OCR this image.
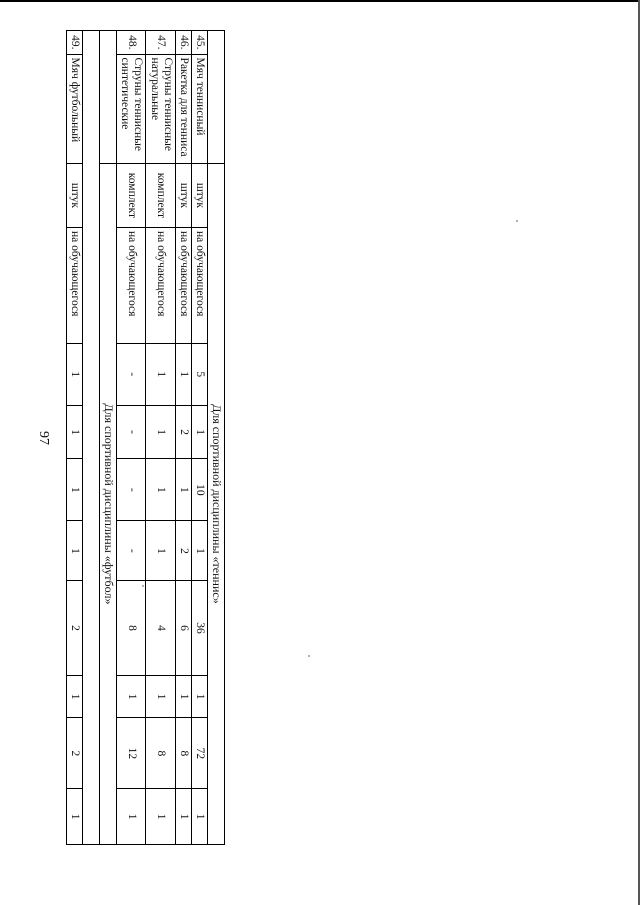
97
		Для спортивной дисциплины «теннис»									
45.	Мяч теннисный	штук	на обучающегося	5	1	10	1	36	1	72	1
46.	Ракетка для тенниса	штук	на обучающегося	1	2	1	2	6	1	8	1
47.	Струны теннисные натуральные	комплект	на обучающегося	1	1	1	1	4	1	8	1
48.	Струны теннисные синтетические	комплект	на обучающегося	-	-	-	-	8	1	12	1
		Для спортивной дисциплины «футбол»									

49.	Мяч футбольный	штук	на обучающегося	1	1	1	1	2	1	2	1
